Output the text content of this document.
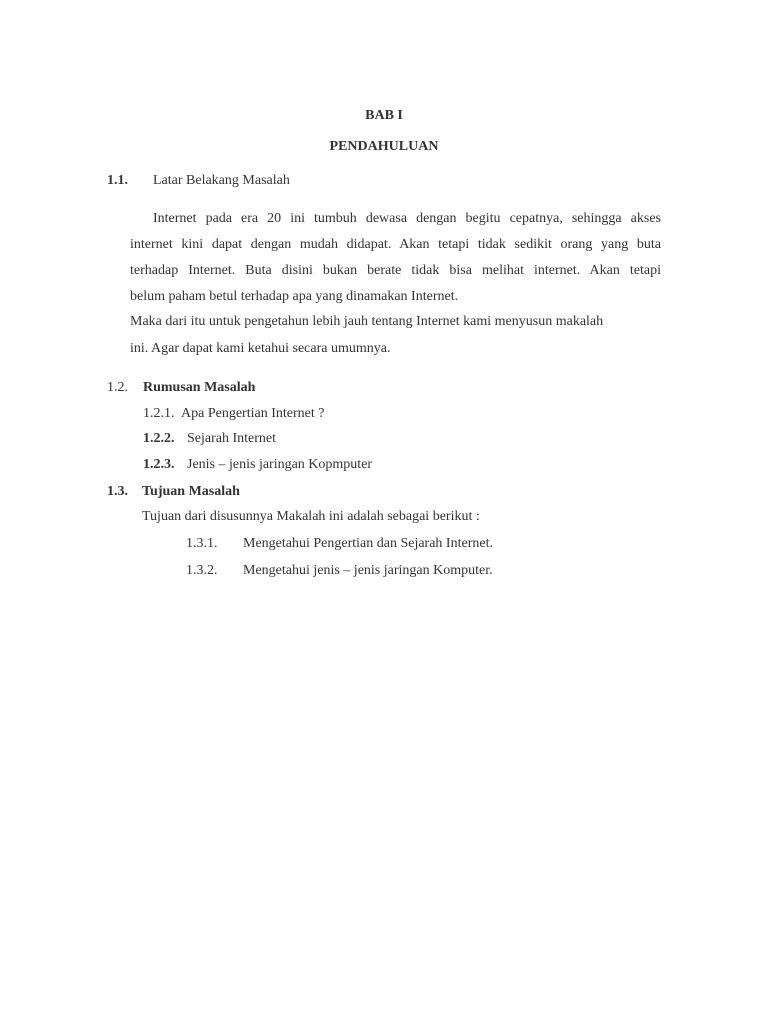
BAB I
PENDAHULUAN
1.1. Latar Belakang Masalah
Internet pada era 20 ini tumbuh dewasa dengan begitu cepatnya, sehingga akses
internet kini dapat dengan mudah didapat. Akan tetapi tidak sedikit orang yang buta
terhadap Internet. Buta disini bukan berate tidak bisa melihat internet. Akan tetapi
belum paham betul terhadap apa yang dinamakan Internet.
Maka dari itu untuk pengetahun lebih jauh tentang Internet kami menyusun makalah
ini. Agar dapat kami ketahui secara umumnya.
1.2. Rumusan Masalah
1.2.1. Apa Pengertian Internet ?
1.2.2. Sejarah Internet
1.2.3. Jenis – jenis jaringan Kopmputer
1.3. Tujuan Masalah
Tujuan dari disusunnya Makalah ini adalah sebagai berikut :
1.3.1. Mengetahui Pengertian dan Sejarah Internet.
1.3.2. Mengetahui jenis – jenis jaringan Komputer.
